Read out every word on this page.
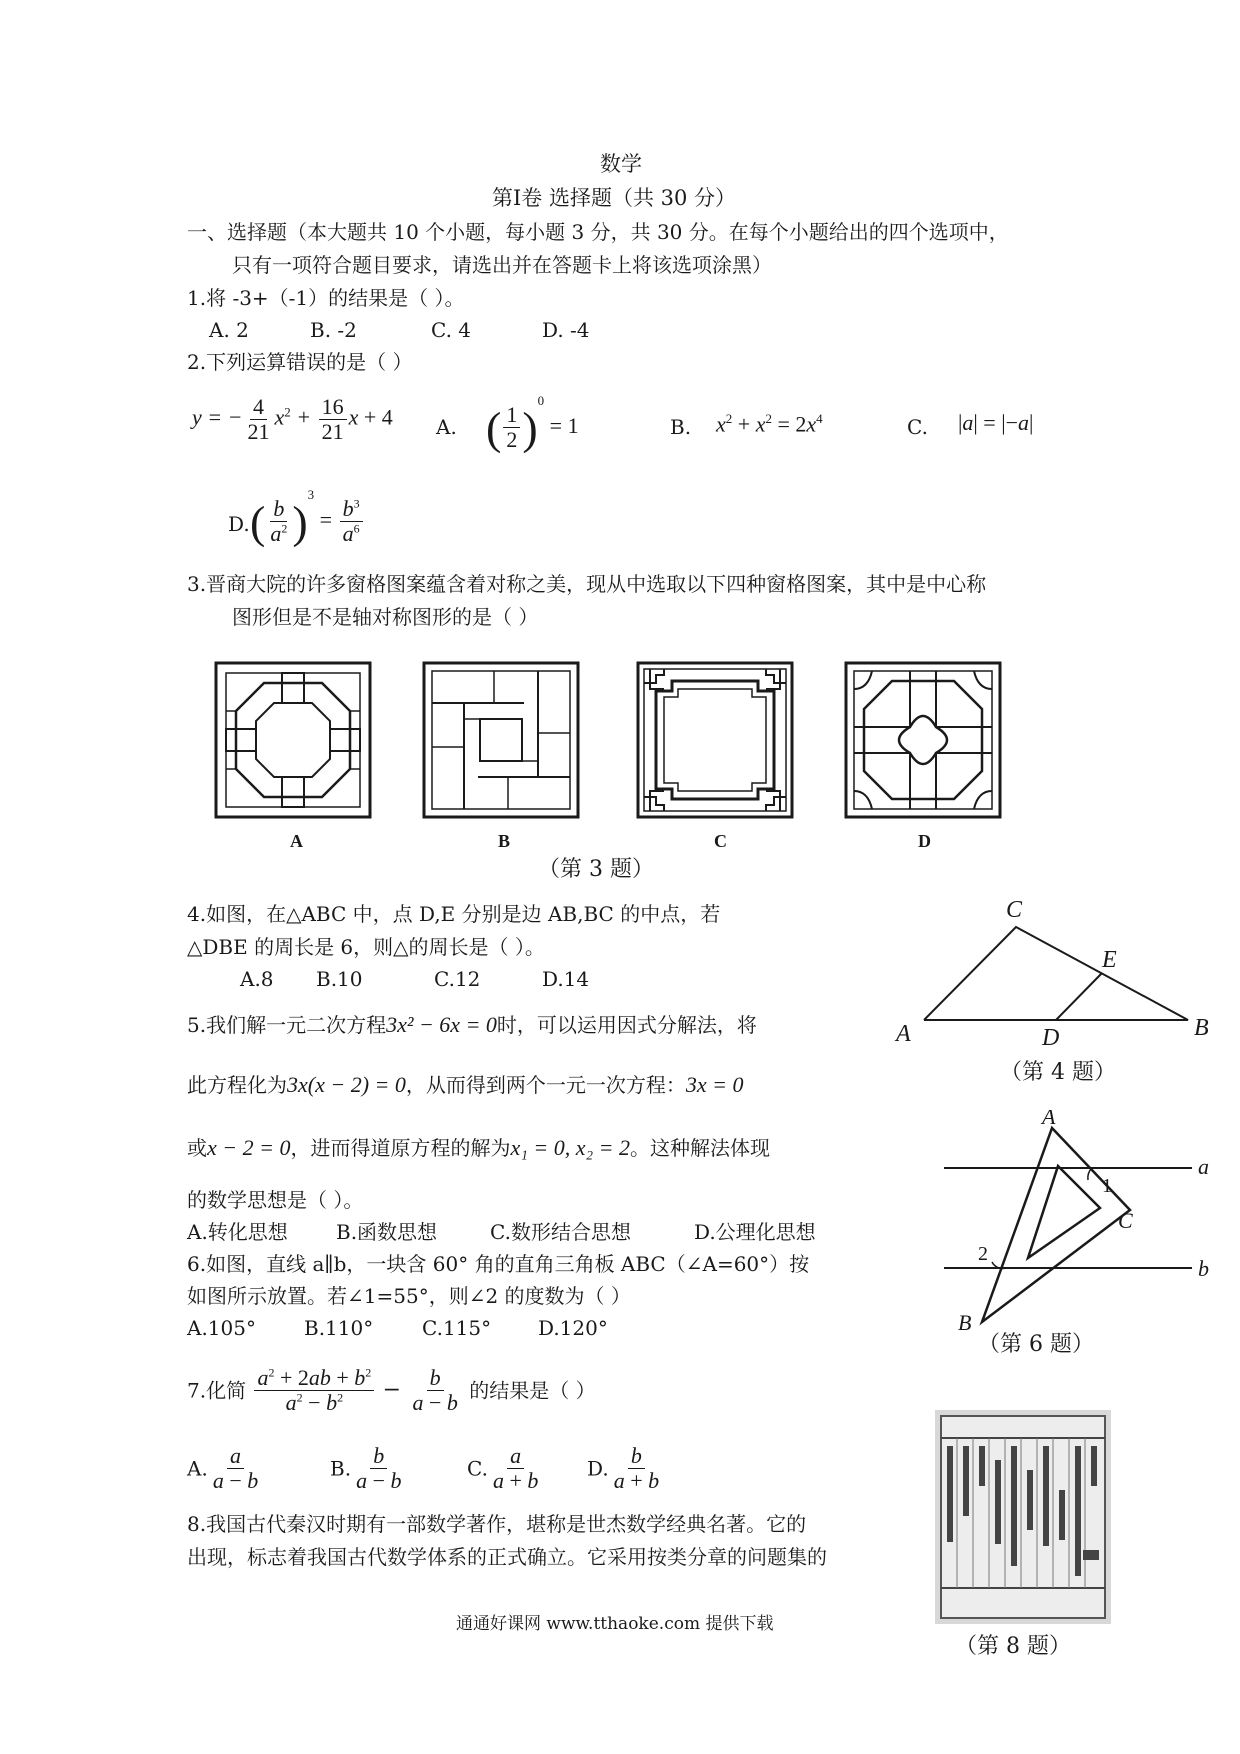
数学
第Ⅰ卷 选择题（共 30 分）
一、选择题（本大题共 10 个小题，每小题 3 分，共 30 分。在每个小题给出的四个选项中，
只有一项符合题目要求，请选出并在答题卡上将该选项涂黑）
1.将 -3+（-1）的结果是（ ）。
A. 2	B. -2	C. 4	D. -4
2.下列运算错误的是（ ）
y = − $\frac{4}{21} x^2 + \frac{16}{21}$ x + 4 A. ( $\frac{1}{2} )^0 = 1$	B. $x^2 + x^2 = 2x^4$	C. |a| = |−a|
D. ( $\frac{b}{a^2} )^3 = \frac{b^3}{a^6}$
3.晋商大院的许多窗格图案蕴含着对称之美，现从中选取以下四种窗格图案，其中是中心称
图形但是不是轴对称图形的是（ ）
A	B	C	D
（第 3 题）
4.如图，在△ABC 中，点 D,E 分别是边 AB,BC 的中点，若
△DBE 的周长是 6，则△的周长是（ ）。
A.8 B.10	C.12	D.14
A	B
C
D
E
（第 4 题）
5.我们解一元二次方程3x² − 6x = 0时，可以运用因式分解法，将
此方程化为3x(x − 2) = 0，从而得到两个一元一次方程：3x = 0
或x − 2 = 0，进而得道原方程的解为x₁ = 0, x₂ = 2。这种解法体现
的数学思想是（ ）。
A.转化思想 B.函数思想	C.数形结合思想	D.公理化思想
6.如图，直线 a∥b，一块含 60° 角的直角三角板 ABC（∠A=60°）按
如图所示放置。若∠1=55°，则∠2 的度数为（ ）
A.105° B.110° C.115° D.120°
A
C
B
a
b
1
2
（第 6 题）
7.化简 $\frac{a^2 + 2ab + b^2}{a^2 - b^2} - \frac{b}{a - b}$ 的结果是（ ）
A. $\frac{a}{a - b}$	B. $\frac{b}{a - b}$	C. $\frac{a}{a + b} D$. $\frac{b}{a + b}$
8.我国古代秦汉时期有一部数学著作，堪称是世杰数学经典名著。它的
出现，标志着我国古代数学体系的正式确立。它采用按类分章的问题集的
（第 8 题）
通通好课网 www.tthaoke.com 提供下载
